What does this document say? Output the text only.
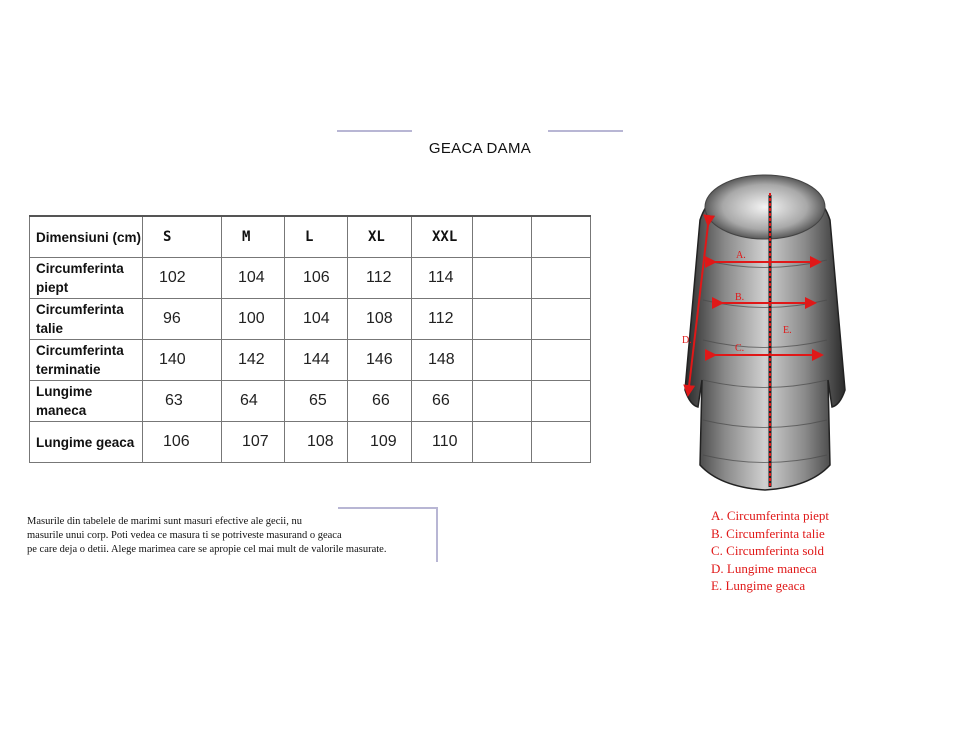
GEACA DAMA
Dimensiuni (cm)	S	M	L	XL	XXL		
Circumferinta piept	102	104	106	112	114		
Circumferinta talie	96	100	104	108	112		
Circumferinta terminatie	140	142	144	146	148		
Lungime maneca	63	64	65	66	66		
Lungime geaca	106	107	108	109	110		
Masurile din tabelele de marimi sunt masuri efective ale gecii, nu
masurile unui corp. Poti vedea ce masura ti se potriveste masurand o geaca
pe care deja o detii. Alege marimea care se apropie cel mai mult de valorile masurate.
A.
B.
C.
D.
E.
A. Circumferinta piept
B. Circumferinta talie
C. Circumferinta sold
D. Lungime maneca
E. Lungime geaca
